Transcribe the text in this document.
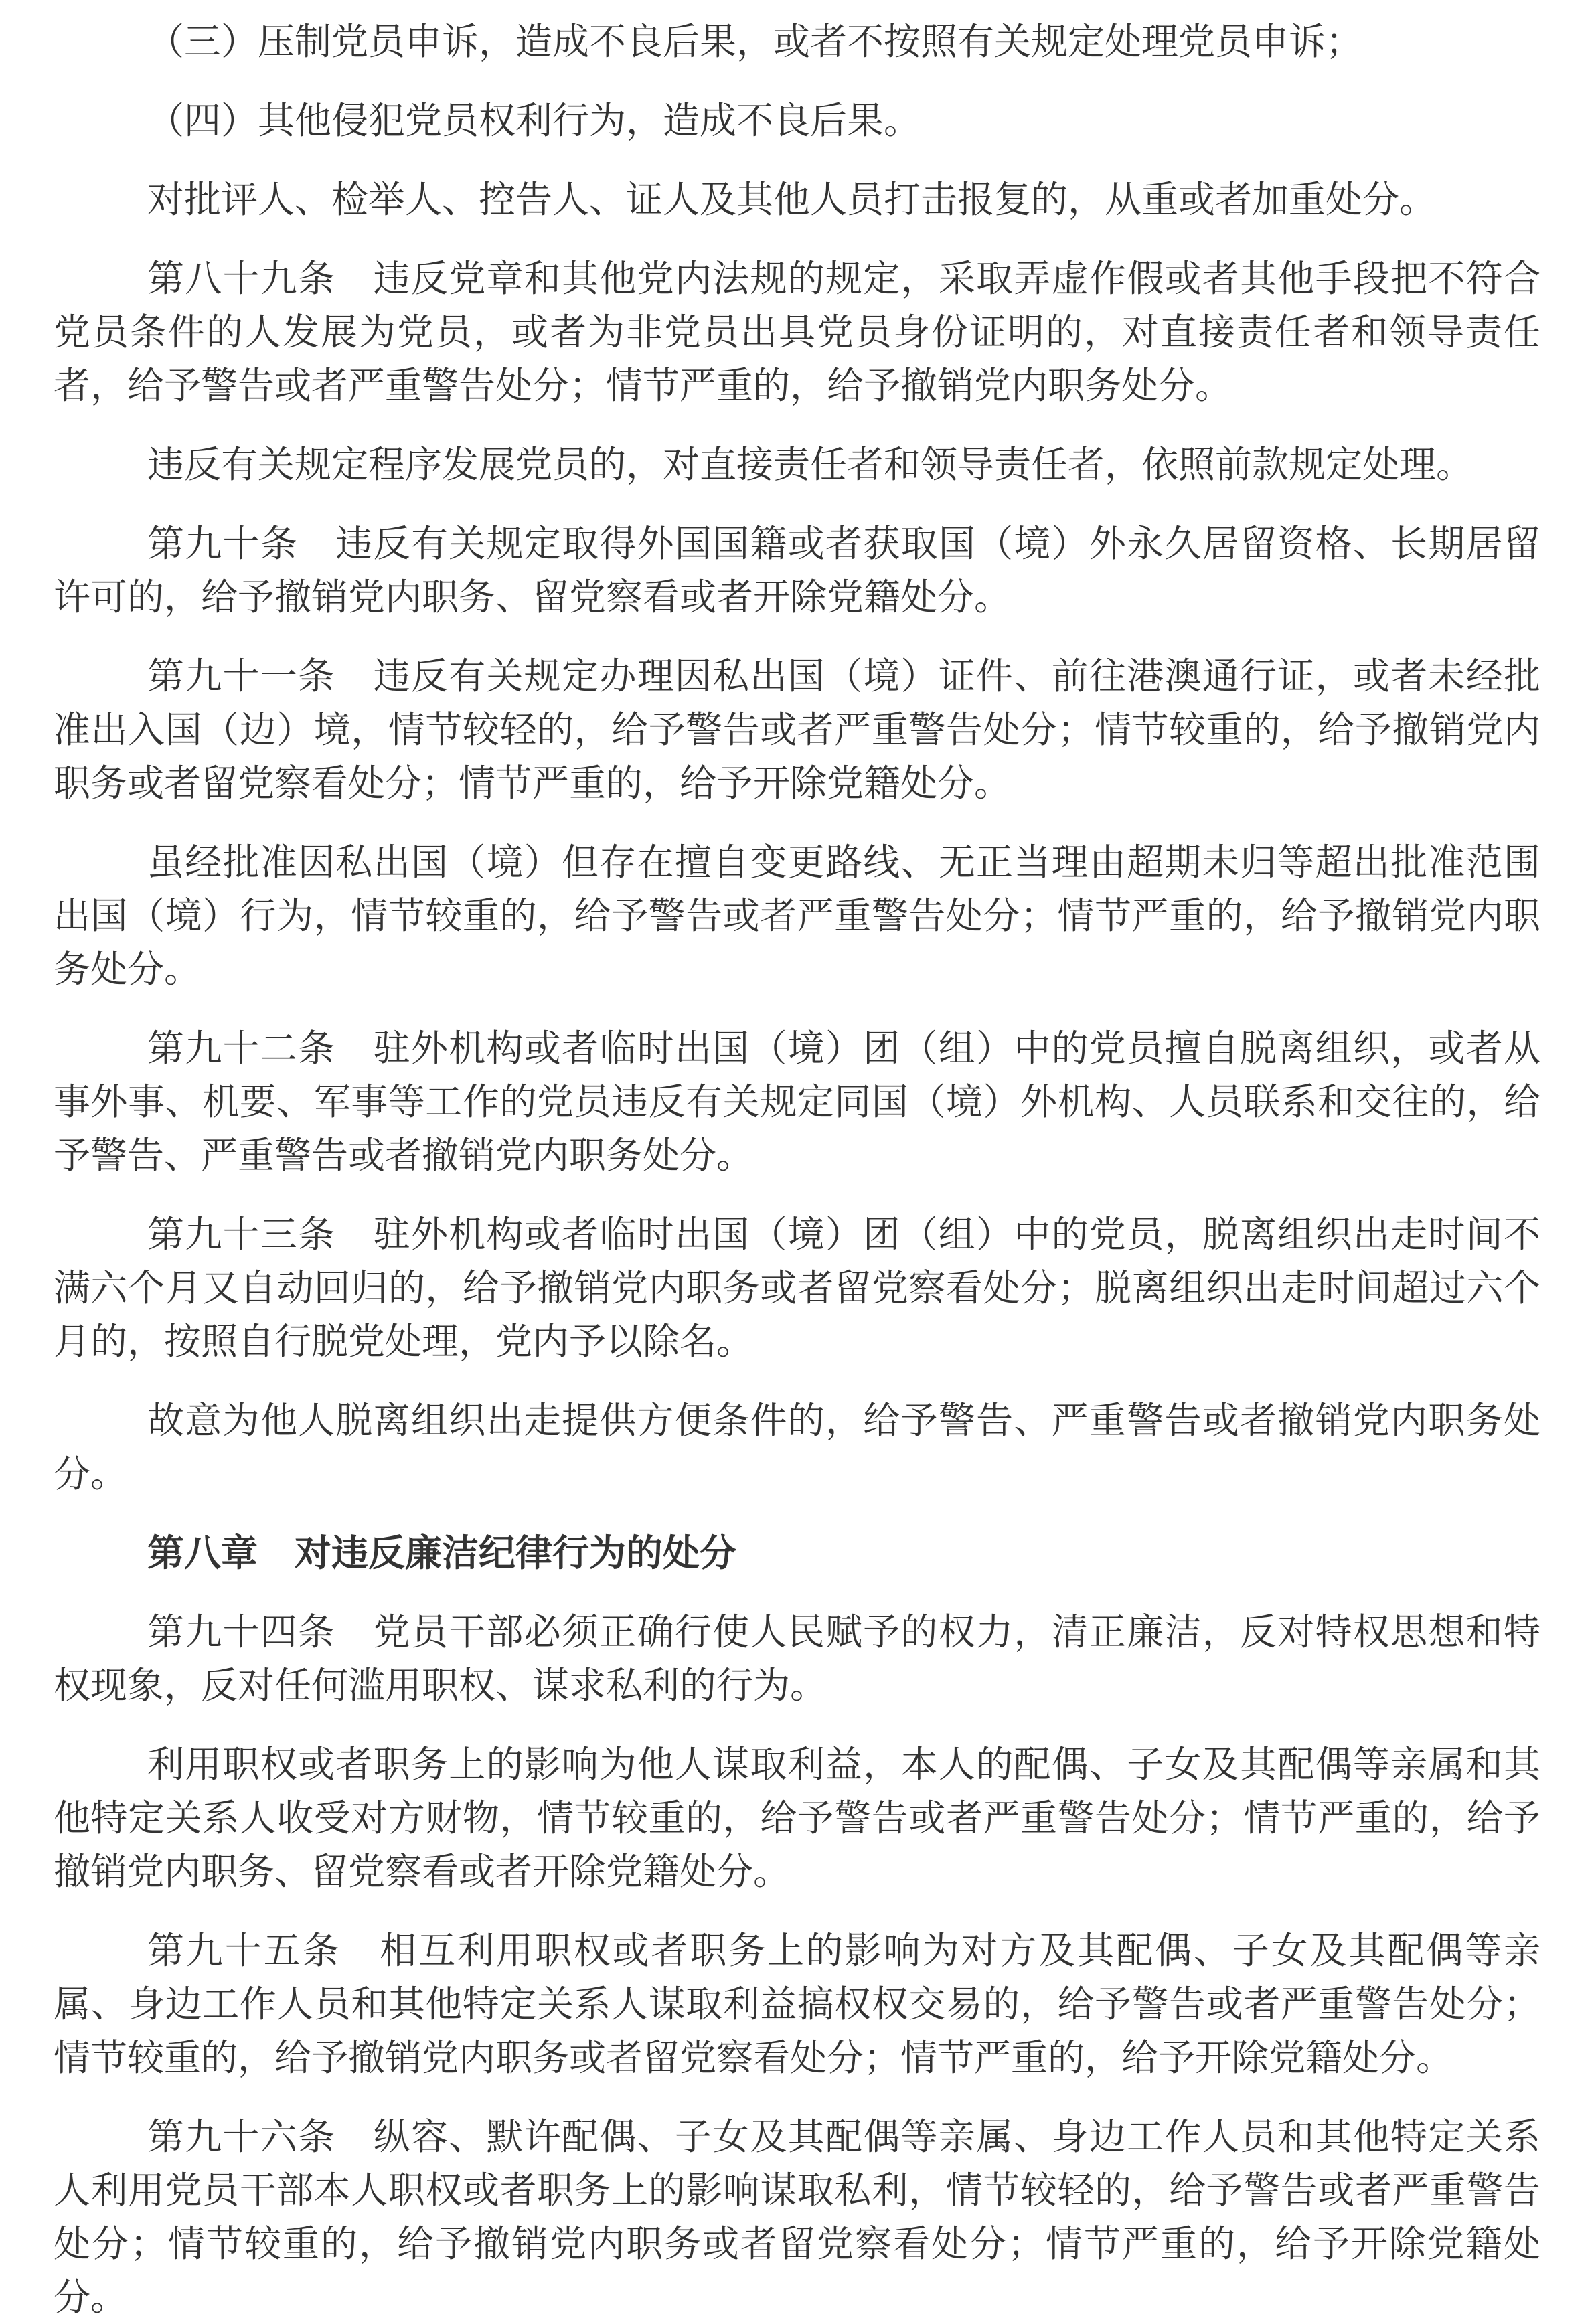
（三）压制党员申诉，造成不良后果，或者不按照有关规定处理党员申诉；

（四）其他侵犯党员权利行为，造成不良后果。

对批评人、检举人、控告人、证人及其他人员打击报复的，从重或者加重处分。

第八十九条　违反党章和其他党内法规的规定，采取弄虚作假或者其他手段把不符合党员条件的人发展为党员，或者为非党员出具党员身份证明的，对直接责任者和领导责任者，给予警告或者严重警告处分；情节严重的，给予撤销党内职务处分。

违反有关规定程序发展党员的，对直接责任者和领导责任者，依照前款规定处理。

第九十条　违反有关规定取得外国国籍或者获取国（境）外永久居留资格、长期居留许可的，给予撤销党内职务、留党察看或者开除党籍处分。

第九十一条　违反有关规定办理因私出国（境）证件、前往港澳通行证，或者未经批准出入国（边）境，情节较轻的，给予警告或者严重警告处分；情节较重的，给予撤销党内职务或者留党察看处分；情节严重的，给予开除党籍处分。

虽经批准因私出国（境）但存在擅自变更路线、无正当理由超期未归等超出批准范围出国（境）行为，情节较重的，给予警告或者严重警告处分；情节严重的，给予撤销党内职务处分。

第九十二条　驻外机构或者临时出国（境）团（组）中的党员擅自脱离组织，或者从事外事、机要、军事等工作的党员违反有关规定同国（境）外机构、人员联系和交往的，给予警告、严重警告或者撤销党内职务处分。

第九十三条　驻外机构或者临时出国（境）团（组）中的党员，脱离组织出走时间不满六个月又自动回归的，给予撤销党内职务或者留党察看处分；脱离组织出走时间超过六个月的，按照自行脱党处理，党内予以除名。

故意为他人脱离组织出走提供方便条件的，给予警告、严重警告或者撤销党内职务处分。

第八章　对违反廉洁纪律行为的处分

第九十四条　党员干部必须正确行使人民赋予的权力，清正廉洁，反对特权思想和特权现象，反对任何滥用职权、谋求私利的行为。

利用职权或者职务上的影响为他人谋取利益，本人的配偶、子女及其配偶等亲属和其他特定关系人收受对方财物，情节较重的，给予警告或者严重警告处分；情节严重的，给予撤销党内职务、留党察看或者开除党籍处分。

第九十五条　相互利用职权或者职务上的影响为对方及其配偶、子女及其配偶等亲属、身边工作人员和其他特定关系人谋取利益搞权权交易的，给予警告或者严重警告处分；情节较重的，给予撤销党内职务或者留党察看处分；情节严重的，给予开除党籍处分。

第九十六条　纵容、默许配偶、子女及其配偶等亲属、身边工作人员和其他特定关系人利用党员干部本人职权或者职务上的影响谋取私利，情节较轻的，给予警告或者严重警告处分；情节较重的，给予撤销党内职务或者留党察看处分；情节严重的，给予开除党籍处分。
